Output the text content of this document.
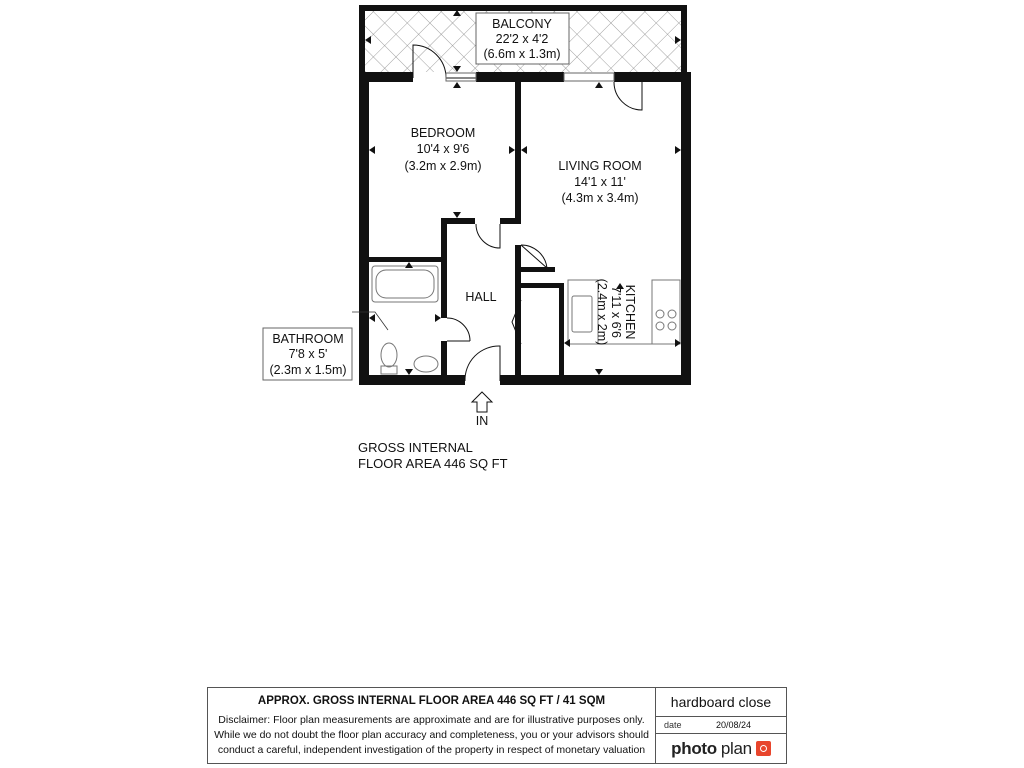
BALCONY
22'2 x 4'2
(6.6m x 1.3m)
BEDROOM
10'4 x 9'6
(3.2m x 2.9m)	LIVING ROOM
14'1 x 11'
(4.3m x 3.4m)
KITCHEN
7'11 x 6'6
(2.4m x 2m)
HALL
BATHROOM
7'8 x 5'
(2.3m x 1.5m)
IN
GROSS INTERNAL
FLOOR AREA 446 SQ FT
APPROX. GROSS INTERNAL FLOOR AREA 446 SQ FT / 41 SQM
Disclaimer: Floor plan measurements are approximate and are for illustrative purposes only. While we do not doubt the floor plan accuracy and completeness, you or your advisors should conduct a careful, independent investigation of the property in respect of monetary valuation
hardboard close
date	20/08/24
photo plan
